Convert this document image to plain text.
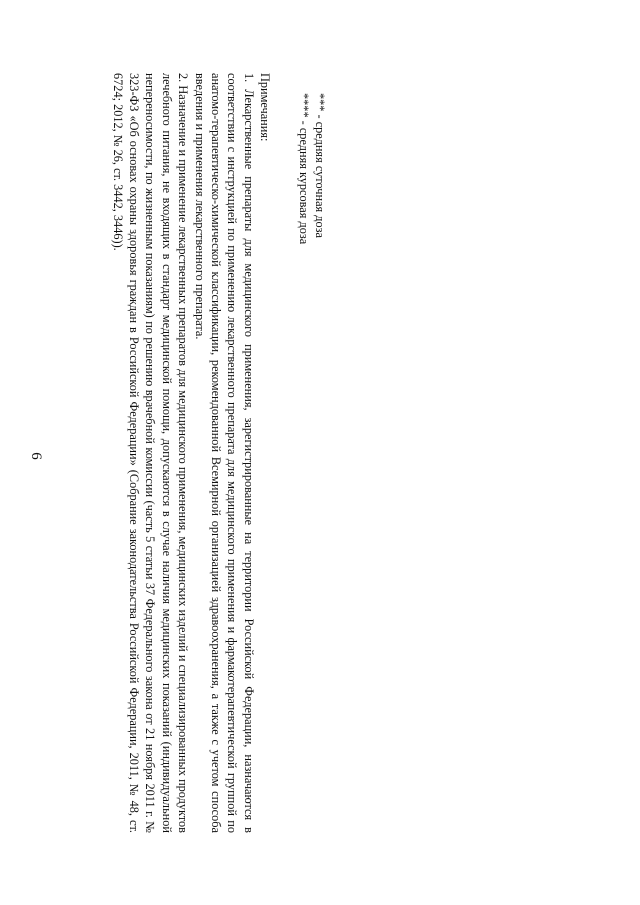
6
*** - средняя суточная доза
**** - средняя курсовая доза

Примечания:

1. Лекарственные препараты для медицинского применения, зарегистрированные на территории Российской Федерации, назначаются в соответствии с инструкцией по применению лекарственного препарата для медицинского применения и фармакотерапевтической группой по анатомо-терапевтическо-химической классификации, рекомендованной Всемирной организацией здравоохранения, а также с учетом способа введения и применения лекарственного препарата.

2. Назначение и применение лекарственных препаратов для медицинского применения, медицинских изделий и специализированных продуктов лечебного питания, не входящих в стандарт медицинской помощи, допускаются в случае наличия медицинских показаний (индивидуальной непереносимости, по жизненным показаниям) по решению врачебной комиссии (часть 5 статьи 37 Федерального закона от 21 ноября 2011 г. № 323-ФЗ «Об основах охраны здоровья граждан в Российской Федерации» (Собрание законодательства Российской Федерации, 2011, № 48, ст. 6724; 2012, № 26, ст. 3442, 3446)).
